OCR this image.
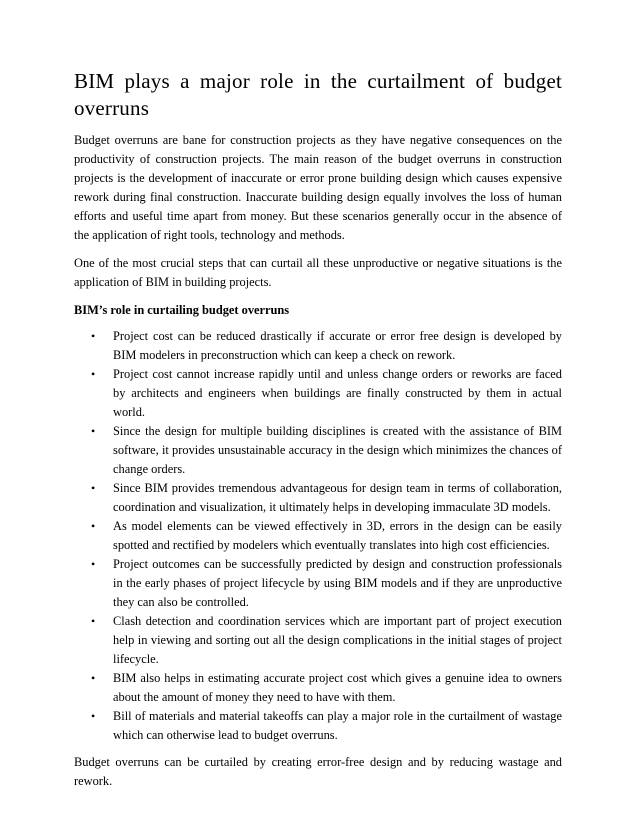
BIM plays a major role in the curtailment of budget overruns

Budget overruns are bane for construction projects as they have negative consequences on the productivity of construction projects. The main reason of the budget overruns in construction projects is the development of inaccurate or error prone building design which causes expensive rework during final construction. Inaccurate building design equally involves the loss of human efforts and useful time apart from money. But these scenarios generally occur in the absence of the application of right tools, technology and methods.

One of the most crucial steps that can curtail all these unproductive or negative situations is the application of BIM in building projects.

BIM’s role in curtailing budget overruns
• Project cost can be reduced drastically if accurate or error free design is developed by BIM modelers in preconstruction which can keep a check on rework.
• Project cost cannot increase rapidly until and unless change orders or reworks are faced by architects and engineers when buildings are finally constructed by them in actual world.
• Since the design for multiple building disciplines is created with the assistance of BIM software, it provides unsustainable accuracy in the design which minimizes the chances of change orders.
• Since BIM provides tremendous advantageous for design team in terms of collaboration, coordination and visualization, it ultimately helps in developing immaculate 3D models.
• As model elements can be viewed effectively in 3D, errors in the design can be easily spotted and rectified by modelers which eventually translates into high cost efficiencies.
• Project outcomes can be successfully predicted by design and construction professionals in the early phases of project lifecycle by using BIM models and if they are unproductive they can also be controlled.
• Clash detection and coordination services which are important part of project execution help in viewing and sorting out all the design complications in the initial stages of project lifecycle.
• BIM also helps in estimating accurate project cost which gives a genuine idea to owners about the amount of money they need to have with them.
• Bill of materials and material takeoffs can play a major role in the curtailment of wastage which can otherwise lead to budget overruns.

Budget overruns can be curtailed by creating error-free design and by reducing wastage and rework.
